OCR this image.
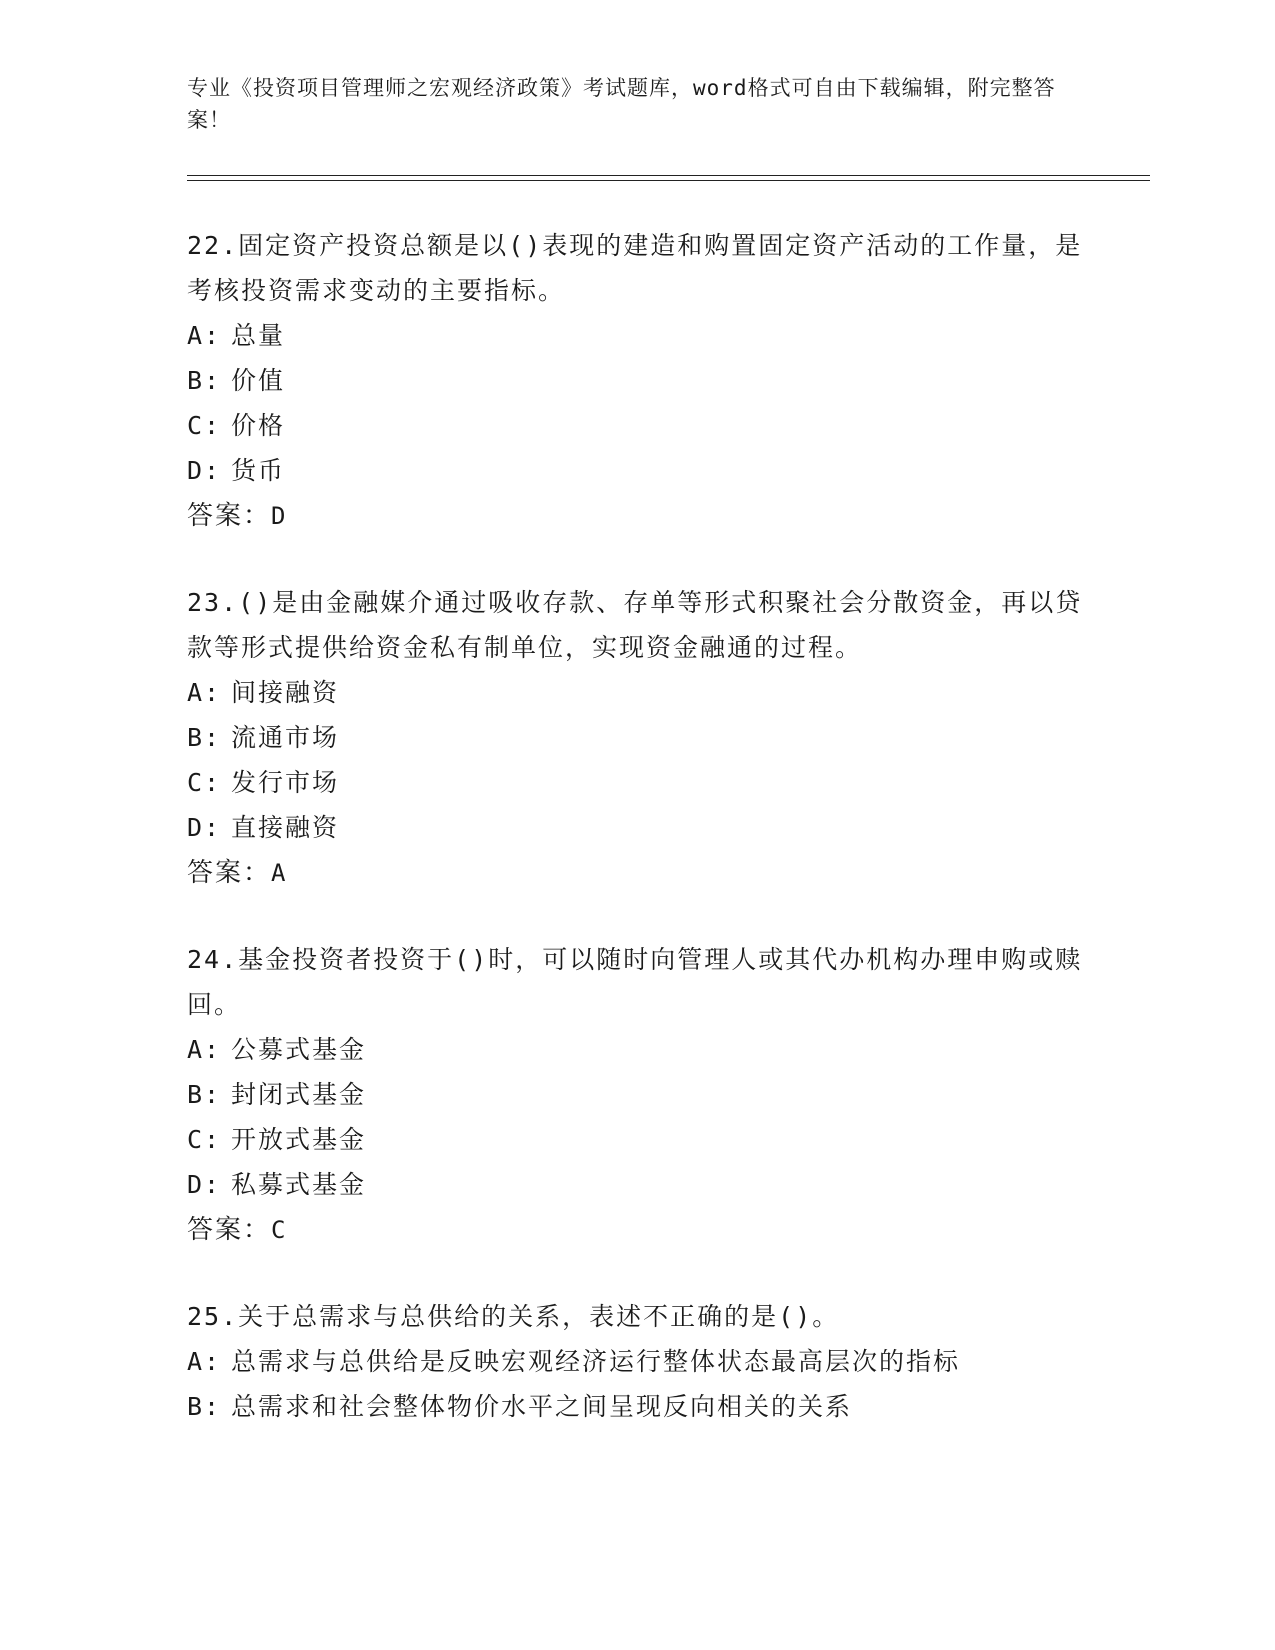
专业《投资项目管理师之宏观经济政策》考试题库，word格式可自由下载编辑，附完整答案！

22.固定资产投资总额是以()表现的建造和购置固定资产活动的工作量，是考核投资需求变动的主要指标。

A: 总量

B: 价值

C: 价格

D: 货币

答案：D

23.()是由金融媒介通过吸收存款、存单等形式积聚社会分散资金，再以贷款等形式提供给资金私有制单位，实现资金融通的过程。

A: 间接融资

B: 流通市场

C: 发行市场

D: 直接融资

答案：A

24.基金投资者投资于()时，可以随时向管理人或其代办机构办理申购或赎回。

A: 公募式基金

B: 封闭式基金

C: 开放式基金

D: 私募式基金

答案：C

25.关于总需求与总供给的关系，表述不正确的是()。

A: 总需求与总供给是反映宏观经济运行整体状态最高层次的指标

B: 总需求和社会整体物价水平之间呈现反向相关的关系
